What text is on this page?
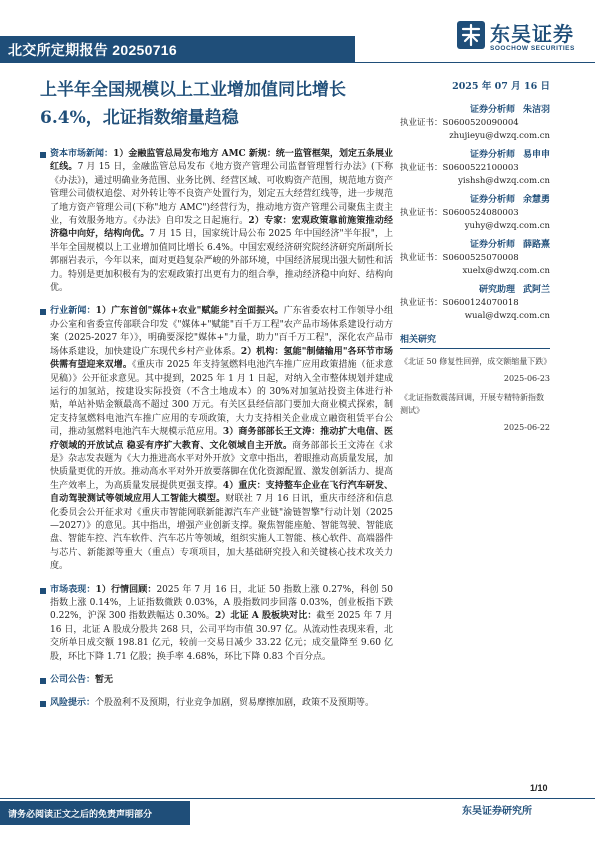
北交所定期报告 20250716
东吴证券
SOOCHOW SECURITIES
上半年全国规模以上工业增加值同比增长
6.4%，北证指数缩量趋稳
资本市场新闻：1）金融监管总局发布地方 AMC 新规：统一监管框架，划定五条展业红线。7 月 15 日，金融监管总局发布《地方资产管理公司监督管理暂行办法》(下称《办法》)，通过明确业务范围、业务比例、经营区域、可收购资产范围，规范地方资产管理公司债权追偿、对外转让等不良资产处置行为，划定五大经营红线等，进一步规范了地方资产管理公司(下称"地方 AMC")经营行为，推动地方资产管理公司聚焦主责主业，有效服务地方。《办法》自印发之日起施行。2）专家：宏观政策靠前施策推动经济稳中向好，结构向优。7 月 15 日，国家统计局公布 2025 年中国经济"半年报"，上半年全国规模以上工业增加值同比增长 6.4%。中国宏观经济研究院经济研究所副所长郭丽岩表示，今年以来，面对更趋复杂严峻的外部环境，中国经济展现出强大韧性和活力。特别是更加积极有为的宏观政策打出更有力的组合拳，推动经济稳中向好、结构向优。
行业新闻：1）广东首创"媒体+农业"赋能乡村全面振兴。广东省委农村工作领导小组办公室和省委宣传部联合印发《"媒体+"赋能"百千万工程"农产品市场体系建设行动方案（2025-2027 年）》，明确要深挖"媒体+"力量，助力"百千万工程"，深化农产品市场体系建设，加快建设广东现代乡村产业体系。2）机构：氢能"制储输用"各环节市场供需有望迎来双增。《重庆市 2025 年支持氢燃料电池汽车推广应用政策措施（征求意见稿）》公开征求意见。其中提到，2025 年 1 月 1 日起，对纳入全市整体规划并建成运行的加氢站，按建设实际投资（不含土地成本）的 30%对加氢站投资主体进行补贴，单站补贴金额最高不超过 300 万元。有关区县经信部门要加大商业模式探索，制定支持氢燃料电池汽车推广应用的专项政策，大力支持相关企业成立融资租赁平台公司，推动氢燃料电池汽车大规模示范应用。3）商务部部长王文涛：推动扩大电信、医疗领域的开放试点 稳妥有序扩大教育、文化领域自主开放。商务部部长王文涛在《求是》杂志发表题为《大力推进高水平对外开放》文章中指出，着眼推动高质量发展，加快质量更优的开放。推动高水平对外开放要落脚在优化资源配置、激发创新活力、提高生产效率上，为高质量发展提供更强支撑。4）重庆：支持整车企业在飞行汽车研发、自动驾驶测试等领域应用人工智能大模型。财联社 7 月 16 日讯，重庆市经济和信息化委员会公开征求对《重庆市智能网联新能源汽车产业链"渝链智擎"行动计划（2025—2027）》的意见。其中指出，增强产业创新支撑。聚焦智能座舱、智能驾驶、智能底盘、智能车控、汽车软件、汽车芯片等领域，组织实施人工智能、核心软件、高端器件与芯片、新能源等重大（重点）专项项目，加大基础研究投入和关键核心技术攻关力度。
市场表现：1）行情回顾：2025 年 7 月 16 日，北证 50 指数上涨 0.27%，科创 50 指数上涨 0.14%，上证指数微跌 0.03%，A 股指数同步回落 0.03%，创业板指下跌 0.22%，沪深 300 指数跌幅达 0.30%。2）北证 A 股板块对比：截至 2025 年 7 月 16 日，北证 A 股成分股共 268 只，公司平均市值 30.97 亿。从流动性表现来看，北交所单日成交额 198.81 亿元，较前一交易日减少 33.22 亿元；成交量降至 9.60 亿股，环比下降 1.71 亿股；换手率 4.68%，环比下降 0.83 个百分点。
公司公告：暂无
风险提示：个股盈利不及预期，行业竞争加剧，贸易摩擦加剧，政策不及预期等。
2025 年 07 月 16 日
证券分析师 朱洁羽
执业证书：S0600520090004
zhujieyu@dwzq.com.cn
证券分析师 易申申
执业证书：S0600522100003
yishsh@dwzq.com.cn
证券分析师 余慧勇
执业证书：S0600524080003
yuhy@dwzq.com.cn
证券分析师 薛路熹
执业证书：S0600525070008
xuelx@dwzq.com.cn
研究助理 武阿兰
执业证书：S0600124070018
wual@dwzq.com.cn
相关研究
《北证 50 修复性回弹，成交额缩量下跌》
2025-06-23
《北证指数震荡回调，开展专精特新指数测试》
2025-06-22
1/10
请务必阅读正文之后的免责声明部分	东吴证券研究所
